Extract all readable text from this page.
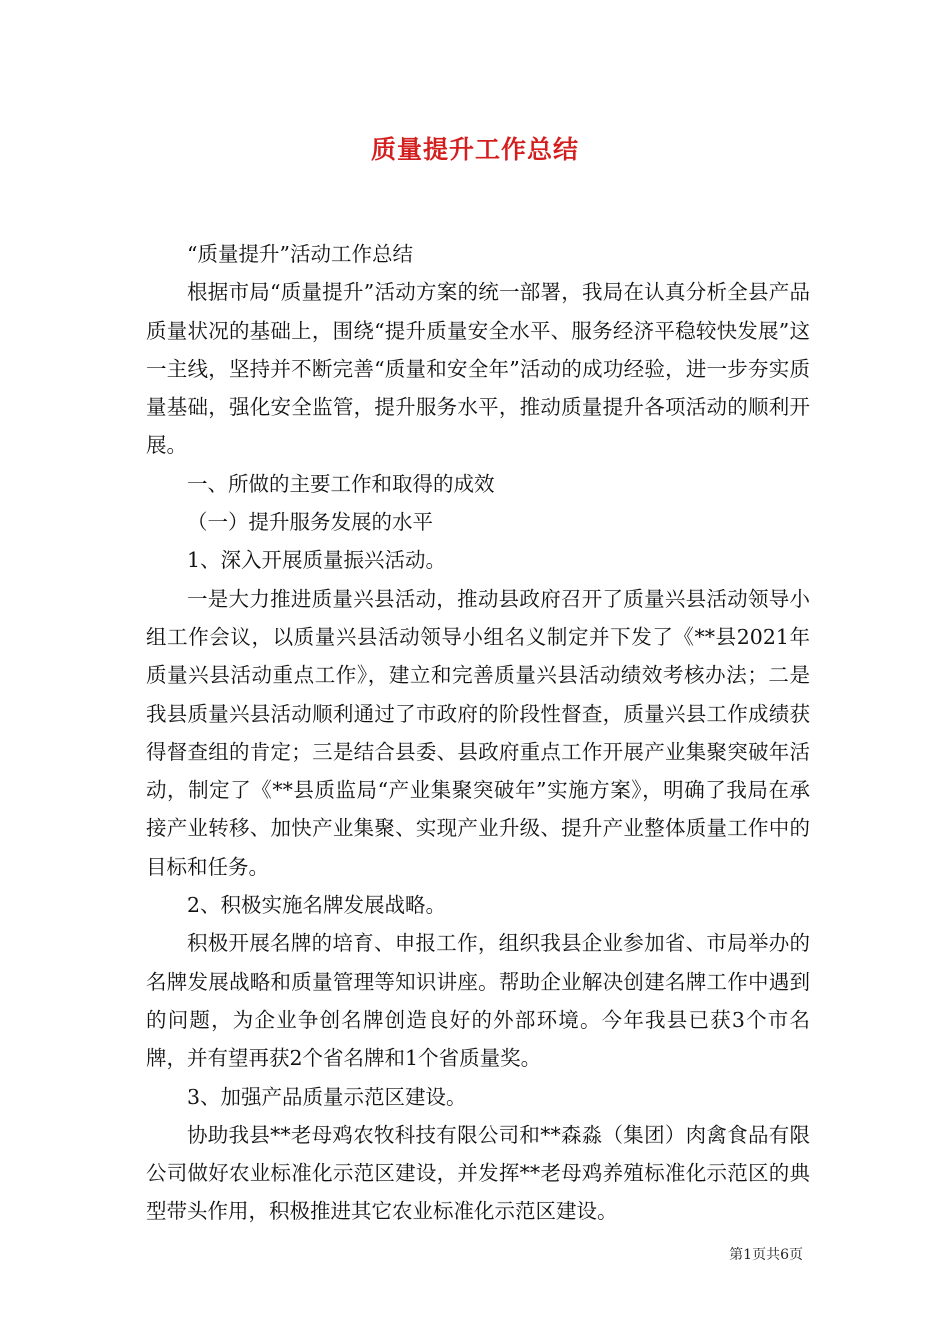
质量提升工作总结

“质量提升”活动工作总结

根据市局“质量提升”活动方案的统一部署，我局在认真分析全县产品质量状况的基础上，围绕“提升质量安全水平、服务经济平稳较快发展”这一主线，坚持并不断完善“质量和安全年”活动的成功经验，进一步夯实质量基础，强化安全监管，提升服务水平，推动质量提升各项活动的顺利开展。

一、所做的主要工作和取得的成效

（一）提升服务发展的水平

1、深入开展质量振兴活动。

一是大力推进质量兴县活动，推动县政府召开了质量兴县活动领导小组工作会议，以质量兴县活动领导小组名义制定并下发了《**县2021年质量兴县活动重点工作》，建立和完善质量兴县活动绩效考核办法；二是我县质量兴县活动顺利通过了市政府的阶段性督查，质量兴县工作成绩获得督查组的肯定；三是结合县委、县政府重点工作开展产业集聚突破年活动，制定了《**县质监局“产业集聚突破年”实施方案》，明确了我局在承接产业转移、加快产业集聚、实现产业升级、提升产业整体质量工作中的目标和任务。

2、积极实施名牌发展战略。

积极开展名牌的培育、申报工作，组织我县企业参加省、市局举办的名牌发展战略和质量管理等知识讲座。帮助企业解决创建名牌工作中遇到的问题，为企业争创名牌创造良好的外部环境。今年我县已获3个市名牌，并有望再获2个省名牌和1个省质量奖。

3、加强产品质量示范区建设。

协助我县**老母鸡农牧科技有限公司和**森淼（集团）肉禽食品有限公司做好农业标准化示范区建设，并发挥**老母鸡养殖标准化示范区的典型带头作用，积极推进其它农业标准化示范区建设。

第1页共6页
